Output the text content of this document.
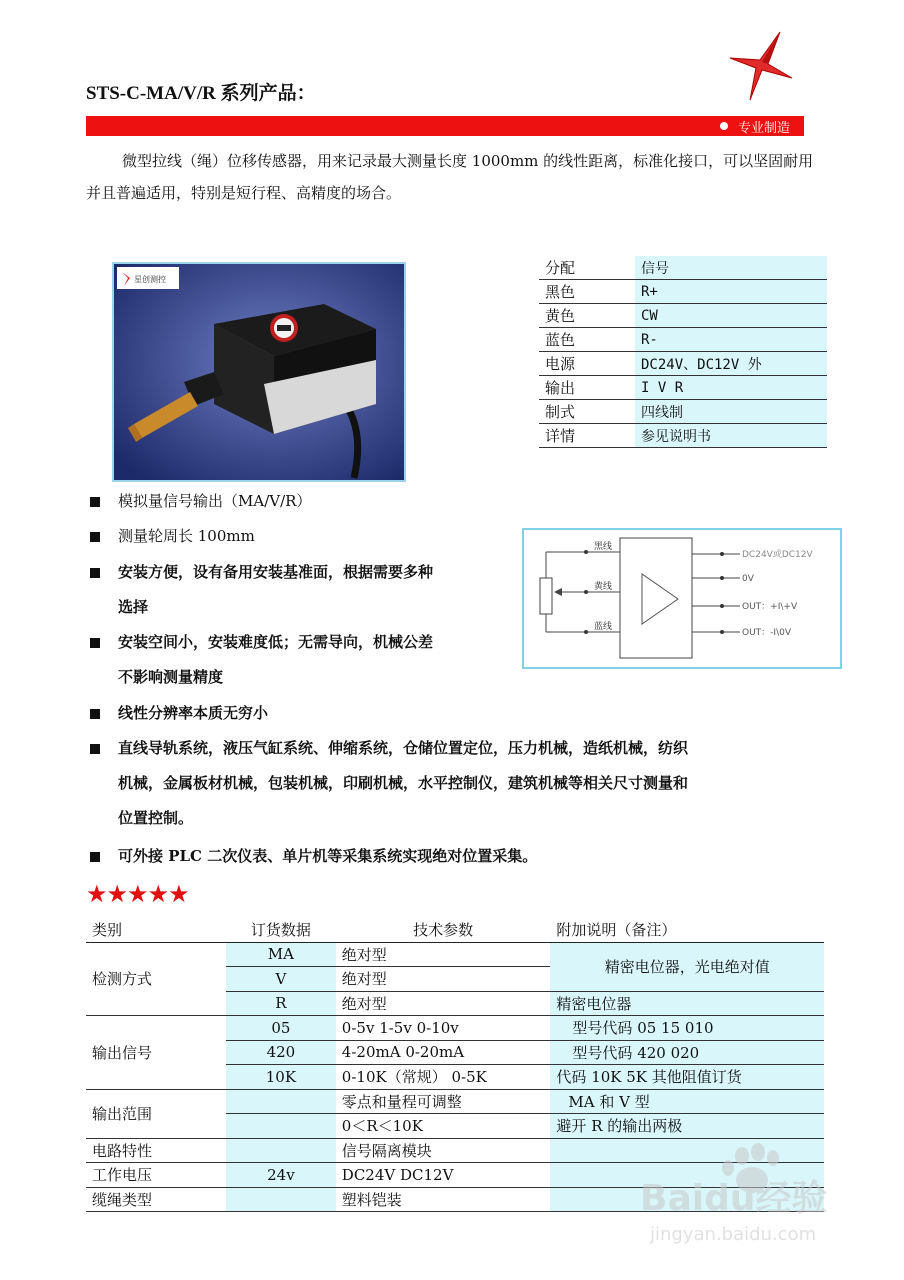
STS-C-MA/V/R 系列产品：
专业制造
微型拉线（绳）位移传感器，用来记录最大测量长度 1000mm 的线性距离，标准化接口，可以坚固耐用并且普遍适用，特别是短行程、高精度的场合。
星创测控
分配	信号
黑色	R+
黄色	CW
蓝色	R-
电源	DC24V、DC12V 外
输出	I V R
制式	四线制
详情	参见说明书
模拟量信号输出（MA/V/R）
测量轮周长 100mm
安装方便，设有备用安装基准面，根据需要多种
选择
安装空间小，安装难度低；无需导向，机械公差
不影响测量精度
线性分辨率本质无穷小
直线导轨系统，液压气缸系统、伸缩系统，仓储位置定位，压力机械，造纸机械，纺织
机械，金属板材机械，包装机械，印刷机械，水平控制仪，建筑机械等相关尺寸测量和
位置控制。
可外接 PLC 二次仪表、单片机等采集系统实现绝对位置采集。
黑线
黄线
蓝线
DC24V或DC12V
0V
OUT：+I\+V
OUT：-I\0V
★★★★★
类别	订货数据	技术参数	附加说明（备注）
检测方式	MA	绝对型	精密电位器，光电绝对值
	V	绝对型	
	R	绝对型	精密电位器
输出信号	05	0-5v 1-5v 0-10v	型号代码 05 15 010
	420	4-20mA 0-20mA	型号代码 420 020
	10K	0-10K（常规） 0-5K	代码 10K 5K 其他阻值订货
输出范围		零点和量程可调整	MA 和 V 型
		0＜R＜10K	避开 R 的输出两极
电路特性		信号隔离模块	
工作电压	24v	DC24V DC12V	
缆绳类型		塑料铠装		Baidu经验
jingyan.baidu.com
